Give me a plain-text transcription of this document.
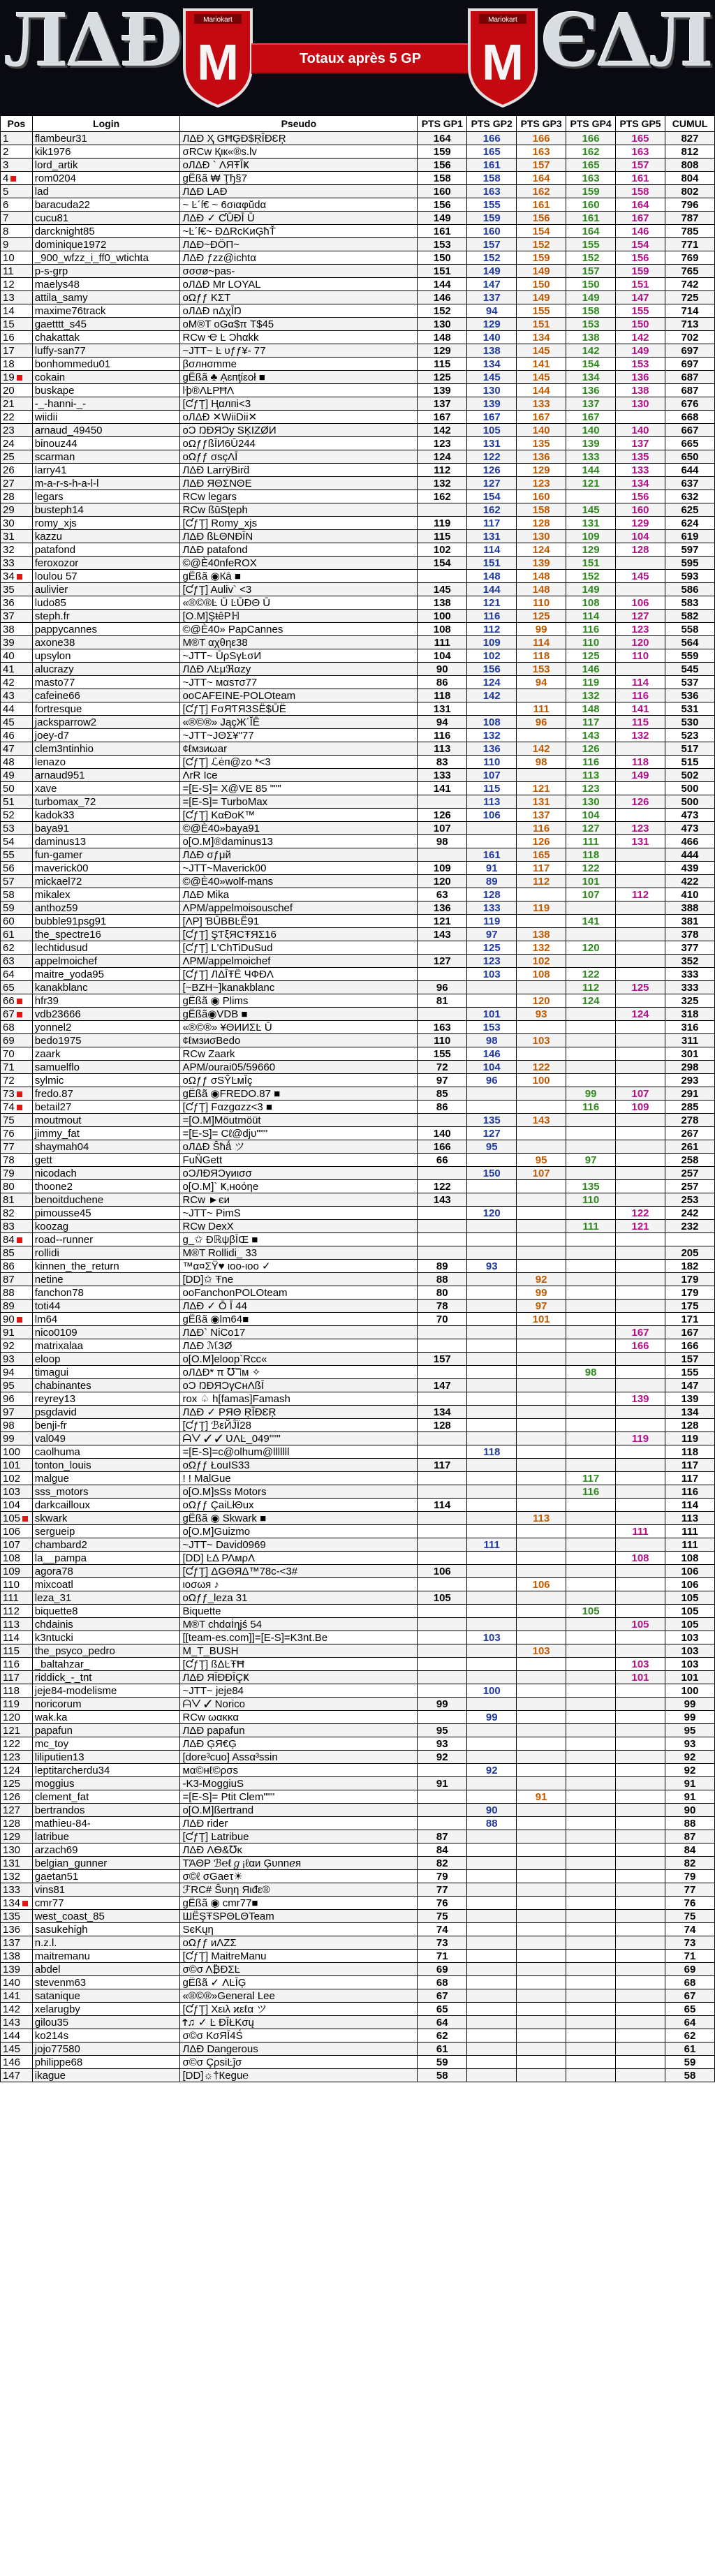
ЛΔĐ	Mariokart
M	Totaux après 5 GP
Mariokart
M ЄΔЛ
Pos	Login	Pseudo	PTS GP1	PTS GP2	PTS GP3	PTS GP4	PTS GP5	CUMUL
1	flambeur31	ЛΔĐ Ҳ GĦĢĐ$ŖĪĐƐŖ	164	166	166	166	165	827
2	kik1976	σRCw Қιк«®ѕ.lv	159	165	163	162	163	812
3	lord_artik	oЛΔĐ ` ΛЯŦĪҜ	156	161	157	165	157	808
4	rom0204	gЁßã ₩ Ţђ§7	158	158	164	163	161	804
5	lad	ЛΔĐ LAĐ	160	163	162	159	158	802
6	baracuda22	~ Ŀ´ſ€ ~ 6σιαφŭdα	156	155	161	160	164	796
7	cucu81	ЛΔĐ ✓ ƇŪĐĪ Ū	149	159	156	161	167	787
8	darcknight85	~Ŀ´ſ€~ ĐΔRcKиĢħŤ	161	160	154	164	146	785
9	dominique1972	ЛΔĐ~ÐÖΠ~	153	157	152	155	154	771
10	_900_wfzz_i_ff0_wtichta	ЛΔĐ ƒzz@ichtα	150	152	159	152	156	769
11	p-s-grp	σσσø~pas-	151	149	149	157	159	765
12	maelys48	oЛΔĐ Mr LOYAL	144	147	150	150	151	742
13	attila_samy	oΩƒƒ KΣT	146	137	149	149	147	725
14	maxime76track	oЛΔĐ nΔχĪŊ	152	94	155	158	155	714
15	gaetttt_s45	oM®T oGα$π T$45	130	129	151	153	150	713
16	chakattak	RCw Ҽ Ŀ Ɔhαkk	148	140	134	138	142	702
17	luffy-san77	~JTT~ Ŀ υƒƒ¥- 77	129	138	145	142	149	697
18	bonhommedu01	βσлнσmme	115	134	141	154	153	697
19	cokain	gЁßã ♣ Ạɛпţίɛoł ■	125	145	145	134	136	687
20	buskape	ŀþ®ΛĿΡĦΛ	139	130	144	136	138	687
21	-_-hanni-_-	[ƇƒŢ] Ңαлпi<3	137	139	133	137	130	676
22	wiidii	oЛΔĐ ✕WiiDii✕	167	167	167	167		668
23	arnaud_49450	oƆ ŊĐЯƆy SĶIZØИ	142	105	140	140	140	667
24	binouz44	oΩƒƒßĪИ6Ū244	123	131	135	139	137	665
25	scarman	oΩƒƒ σѕçΛĪ	124	122	136	133	135	650
26	larry41	ЛΔĐ LarrÿBird̈	112	126	129	144	133	644
27	m-a-r-s-h-a-l-l	ЛΔĐ ЯΘΣΝΘΕ	132	127	123	121	134	637
28	legars	RCw legars	162	154	160		156	632
29	busteph14	RCw ßūSţeph		162	158	145	160	625
30	romy_xjs	[ƇƒŢ] Romy_xjs	119	117	128	131	129	624
31	kazzu	ЛΔĐ ßĿΘNĐĪN	115	131	130	109	104	619
32	patafond	ЛΔĐ patafond	102	114	124	129	128	597
33	feroxozor	©@Ѐ40nfeROX	154	151	139	151		595
34	loulou 57	gЁßã ◉Кā ■		148	148	152	145	593
35	aulivier	[ƇƒŢ] Auliv` <3	145	144	148	149		586
36	ludo85	«®©®Ŀ Ū ĿŪĐΘ Ū	138	121	110	108	106	583
37	steph.fr	[O.M]ŞŧêΡℍ	100	116	125	114	127	582
38	pappycannes	©@Ѐ40» ΡapCannes	108	112	99	116	123	558
39	axone38	M®T αχθηε38	111	109	114	110	120	564
40	upsylon	~JTT~ ŪρSγĿσИ	104	102	118	125	110	559
41	alucrazy	ЛΔĐ ΛĿμℜαzy	90	156	153	146		545
42	masto77	~JTT~ мαѕтσ77	86	124	94	119	114	537
43	cafeine66	ooCAFEINE-POLOteam	118	142		132	116	536
44	fortresque	[ƇƒŢ] FσЯƬЯЗЅЁ$ŪЁ	131		111	148	141	531
45	jacksparrow2	«®©®» JąçЖ´ĬĒ	94	108	96	117	115	530
46	joey-d7	~JTT~JΘΣ¥"77	116	132		143	132	523
47	clem3ntinhio	¢ℓмзиωar	113	136	142	126		517
48	lenazo	[ƇƒŢ] ℒėп@zo *<3	83	110	98	116	118	515
49	arnaud951	ΛrR Ice	133	107		113	149	502
50	xave	=[E-S]= X@VE 85 """	141	115	121	123		500
51	turbomax_72	=[E-S]= TurboMax		113	131	130	126	500
52	kadok33	[ƇƒŢ] KαÐoK™	126	106	137	104		473
53	baya91	©@Ѐ40»baya91	107		116	127	123	473
54	daminus13	o[O.M]®daminus13	98		126	111	131	466
55	fun-gamer	ЛΔĐ σƒμй		161	165	118		444
56	maverick00	~JTT~Maverick00	109	91	117	122		439
57	mickael72	©@Ѐ40»wolf-mans	120	89	112	101		422
58	mikalex	ЛΔĐ Mika	63	128		107	112	410
59	anthoz59	ΛPM/appelmoisouschef	136	133	119			388
60	bubble91psg91	[ΛΡ] ƁŪBBĿЁ91	121	119		141		381
61	the_spectre16	[ƇƒŢ] ŞƬξЯСŦЯΣ16	143	97	138			378
62	lechtidusud	[ƇƒŢ] L'ChTiDuSud		125	132	120		377
63	appelmoichef	ΛPM/appelmoichef	127	123	102			352
64	maitre_yoda95	[ƇƒŢ] ЛΔĪŦЁ ЧФĐΛ		103	108	122		333
65	kanakblanc	[~BZH~]kanakblanc	96			112	125	333
66	hfr39	gЁßã ◉ Plims	81		120	124		325
67	vdb23666	gЁßã◉VDB ■		101	93		124	318
68	yonnel2	«®©®» ¥ΘИИΣĿ Ū	163	153				316
69	bedo1975	¢ℓмзиσBedo	110	98	103			311
70	zaark	RCw Zaark	155	146				301
71	samuelflo	APM/ourai05/59660	72	104	122			298
72	sylmic	oΩƒƒ σЅŶĿмĪç	97	96	100			293
73	fredo.87	gЁßã ◉FREDO.87 ■	85			99	107	291
74	betail27	[ƇƒŢ] Fαzgαzz<3 ■	86			116	109	285
75	moutmout	=[O.M]Μöutmöüt		135	143			278
76	jimmy_fat	=[E-S]= Cℓ@djυ"""	140	127				267
77	shaymah04	oЛΔĐ Ŝħǻ ツ	166	95				261
78	gett	FuN̈Gett	66		95	97		258
79	nicodach	oƆЛĐЯƆγиισσ		150	107			257
80	thoone2	o[O.M]` Ҝ,ноόηe	122			135		257
81	benoitduchene	RCw ►єи	143			110		253
82	pimousse45	~JTT~ PimS		120			122	242
83	koozag	RCw DexX				111	121	232
84	road--runner	g_✩ ĐℝψβĪŒ ■						
85	rollidi	M®T Rollidi_ 33						205
86	kinnen_the_return	™α¤ΣŸ♥ ιοο-ιοο ✓	89	93				182
87	netine	[DD]✩ Ŧne	88		92			179
88	fanchon78	ooFanchonPOLOteam	80		99			179
89	toti44	ЛΔĐ ✓ Ō Ī 44	78		97			175
90	lm64	gЁßã ◉lm64■	70		101			171
91	nico0109	ЛΔĐ` NiCo17					167	167
92	matrixalaa	ЛΔĐ ℳ3Ø					166	166
93	eloop	o[O.M]eloop`Rcc«	157					157
94	timagui	oЛΔĐ* π ℧ℸм ✧				98		155
95	chabinantes	oƆ ŊĐЯƆγCнΛßĪ	147					147
96	reyrey13	rox ♤ h[famas]Famash					139	139
97	psgdavid	ЛΔĐ ✓ ΡЯΘ ŖĪĐƐŖ	134					134
98	benji-fr	[ƇƒŢ] ℬεЙĴΪ28	128					128
99	val049	ᗩᐯ ✓ ✓ ƲΛĿ_049"""					119	119
100	caolhuma	=[E-S]=c@olhum@lllllll		118				118
101	tonton_louis	oΩƒƒ ŁouIS33	117					117
102	malgue	! ! MalGue				117		117
103	sss_motors	o[O.M]sSs Motors				116		116
104	darkcailloux	oΩƒƒ ÇaiLłΘux	114					114
105	skwark	gЁßã ◉ Skwark ■			113			113
106	sergueip	o[O.M]Guizmo					111	111
107	chambard2	~JTT~ David0969		111				111
108	la__pampa	[DD] ĿΔ ΡΛмρΛ					108	108
109	agora78	[ƇƒŢ] ΔGΘЯΔ™78c-<3#	106					106
110	mixcoatl	ιοσωя ♪			106			106
111	leza_31	oΩƒƒ_leza 31	105					105
112	biquette8	Biquette				105		105
113	chdainis	M®T chdαİηjś 54					105	105
114	k3ntucki	[[team-es.com]]=[E-S]=K3nt.Be		103				103
115	the_psyco_pedro	M_T_BUSH			103			103
116	_baltahzar_	[ƇƒŢ] ßΔĿŦĦ					103	103
117	riddick_-_tnt	ЛΔĐ ЯĪĐĐĪÇҜ					101	101
118	jeje84-modelisme	~JTT~ jeje84		100				100
119	noricorum	ᗩᐯ ✓ Norico	99					99
120	wak.ka	RCw ωακκα		99				99
121	papafun	ЛΔĐ papafun	95					95
122	mc_toy	ЛΔĐ ĢЯ€Ģ	93					93
123	liliputien13	[dore³cuo] Assα³ssin	92					92
124	leptitarcherdu34	мα©нℓ©ρσѕ		92				92
125	moggius	-K3-MoggiuS	91					91
126	clement_fat	=[E-S]= Ptit Clem"""			91			91
127	bertrandos	o[O.M]ßertrand		90				90
128	mathieu-84-	ЛΔĐ rider		88				88
129	latribue	[ƇƒŢ] Ŀatribue	87					87
130	arzach69	ЛΔĐ ΛѲ&℧ĸ	84					84
131	belgian_gunner	ΤΆΘΡ ℬ℮ℓℊ¡ℓαи Ģυnnℯя	82					82
132	gaetan51	σ©ℓ σGaeτ☀	79					79
133	vins81	ℱRC# Ŝυηη Яιđε®	77					77
134	cmr77	gЁßã ◉ cmr77■	76					76
135	west_coast_85	ШЁŞŦЅPΘLΘTeam	75					75
136	sasukehigh	SєKųη	74					74
137	n.z.l.	oΩƒƒ иΛΖΣ	73					73
138	maitremanu	[ƇƒŢ] MaitreManu	71					71
139	abdel	σ©σ Λ₿ĐΣĿ	69					69
140	stevenm63	gЁßã ✓ ΛĿĪĢ	68					68
141	satanique	«®©®»General Lee	67					67
142	xelarugby	[ƇƒŢ] Χειλ ϰεℓα ツ	65					65
143	gilou35	Ϯ♫ ✓ Ŀ ĐĪŁΚσų	64					64
144	ko214s	σ©σ ΚσЯĪ4Ś	62					62
145	jojo77580	ЛΔĐ Dangerous	61					61
146	philippe68	σ©σ ÇρsiĿĵσ	59					59
147	ikague	[DD]☼†Кegu℮	58					58
